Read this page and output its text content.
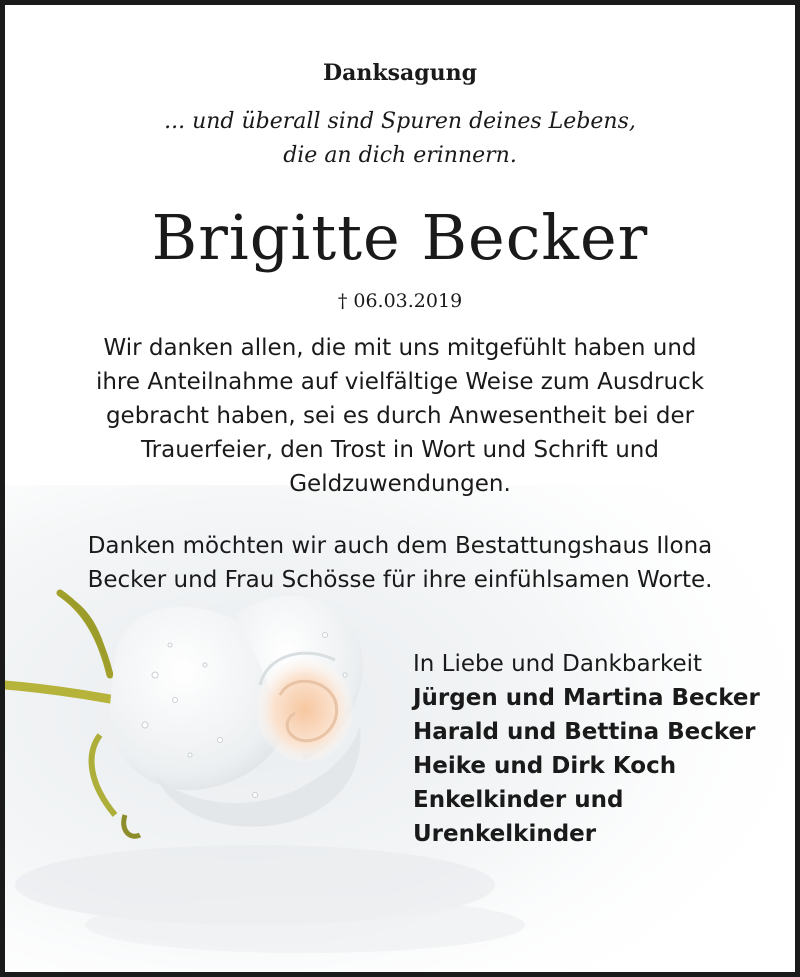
Danksagung
... und überall sind Spuren deines Lebens,
die an dich erinnern.
Brigitte Becker
† 06.03.2019
Wir danken allen, die mit uns mitgefühlt haben und
ihre Anteilnahme auf vielfältige Weise zum Ausdruck
gebracht haben, sei es durch Anwesentheit bei der
Trauerfeier, den Trost in Wort und Schrift und
Geldzuwendungen.
Danken möchten wir auch dem Bestattungshaus Ilona
Becker und Frau Schösse für ihre einfühlsamen Worte.
In Liebe und Dankbarkeit
Jürgen und Martina Becker
Harald und Bettina Becker
Heike und Dirk Koch
Enkelkinder und
Urenkelkinder
